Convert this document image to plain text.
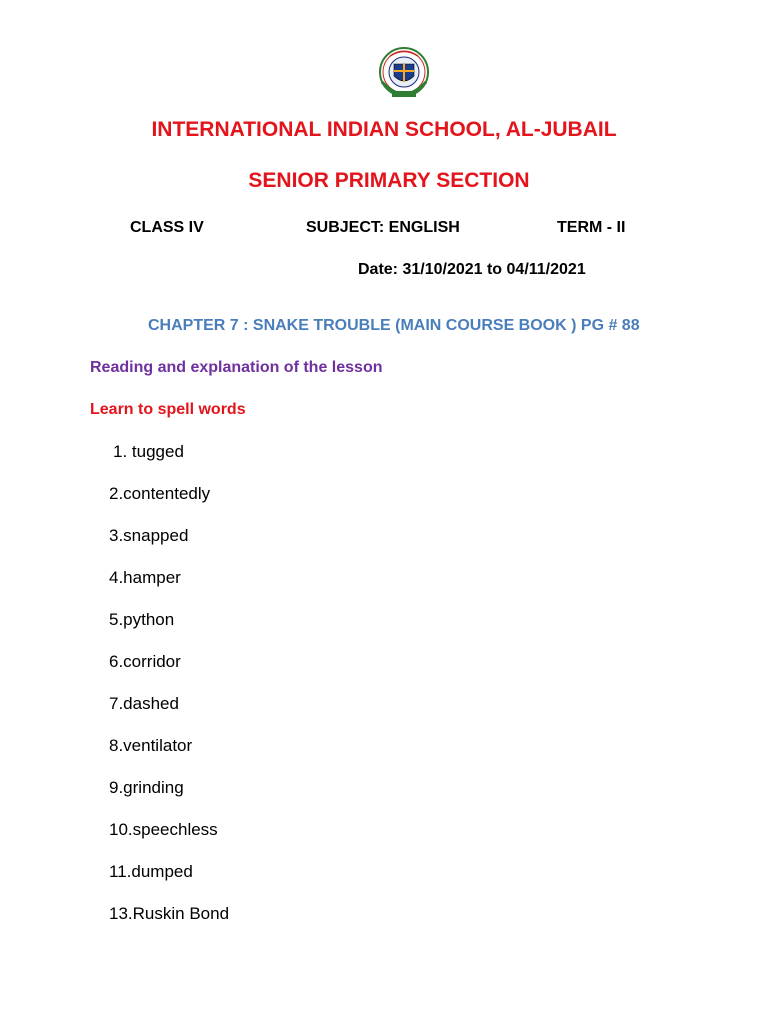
INTERNATIONAL INDIAN SCHOOL, AL-JUBAIL
SENIOR PRIMARY SECTION
CLASS IV	SUBJECT: ENGLISH	TERM - II
Date: 31/10/2021 to 04/11/2021
CHAPTER 7 : SNAKE TROUBLE (MAIN COURSE BOOK ) PG # 88
Reading and explanation of the lesson
Learn to spell words
1. tugged
2.contentedly
3.snapped
4.hamper
5.python
6.corridor
7.dashed
8.ventilator
9.grinding
10.speechless
11.dumped
13.Ruskin Bond
